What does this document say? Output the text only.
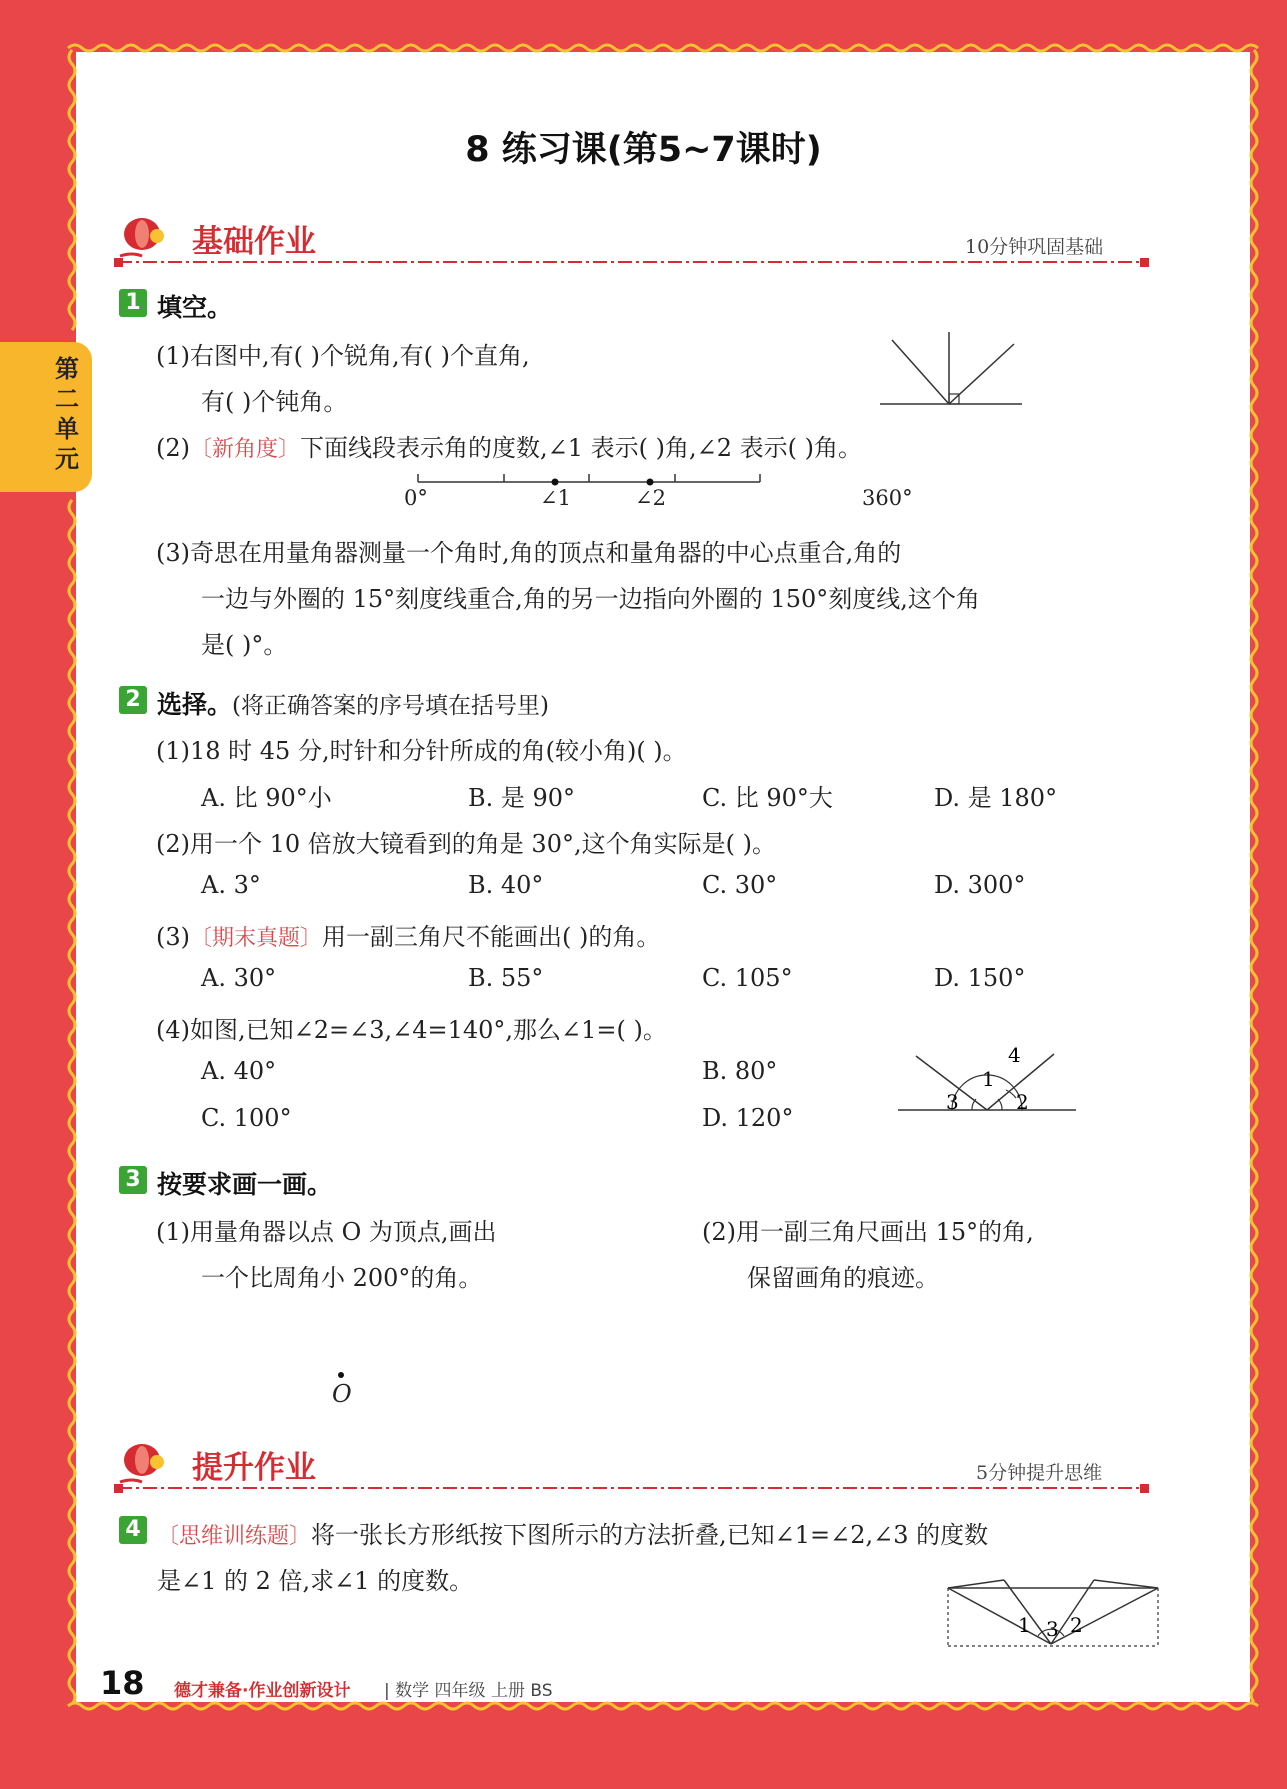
第二单元
8 练习课(第5~7课时)
基础作业	10分钟巩固基础
1 填空。
(1)右图中,有( )个锐角,有( )个直角,
有( )个钝角。
(2)〔新角度〕下面线段表示角的度数,∠1 表示( )角,∠2 表示( )角。
0°	∠1	∠2	360°
(3)奇思在用量角器测量一个角时,角的顶点和量角器的中心点重合,角的
一边与外圈的 15°刻度线重合,角的另一边指向外圈的 150°刻度线,这个角
是( )°。
2 选择。(将正确答案的序号填在括号里)
(1)18 时 45 分,时针和分针所成的角(较小角)( )。
A. 比 90°小	B. 是 90°	C. 比 90°大	D. 是 180°
(2)用一个 10 倍放大镜看到的角是 30°,这个角实际是( )。
A. 3°	B. 40°	C. 30°	D. 300°
(3)〔期末真题〕用一副三角尺不能画出( )的角。
A. 30°	B. 55°	C. 105°	D. 150°
(4)如图,已知∠2=∠3,∠4=140°,那么∠1=( )。
A. 40°	B. 80°
C. 100°	D. 120°
1
2
3
4
3 按要求画一画。
(1)用量角器以点 O 为顶点,画出
一个比周角小 200°的角。
(2)用一副三角尺画出 15°的角,
保留画角的痕迹。
O
提升作业	5分钟提升思维
4 〔思维训练题〕将一张长方形纸按下图所示的方法折叠,已知∠1=∠2,∠3 的度数
是∠1 的 2 倍,求∠1 的度数。
1 3 2
18 德才兼备·作业创新设计 | 数学 四年级 上册 BS
